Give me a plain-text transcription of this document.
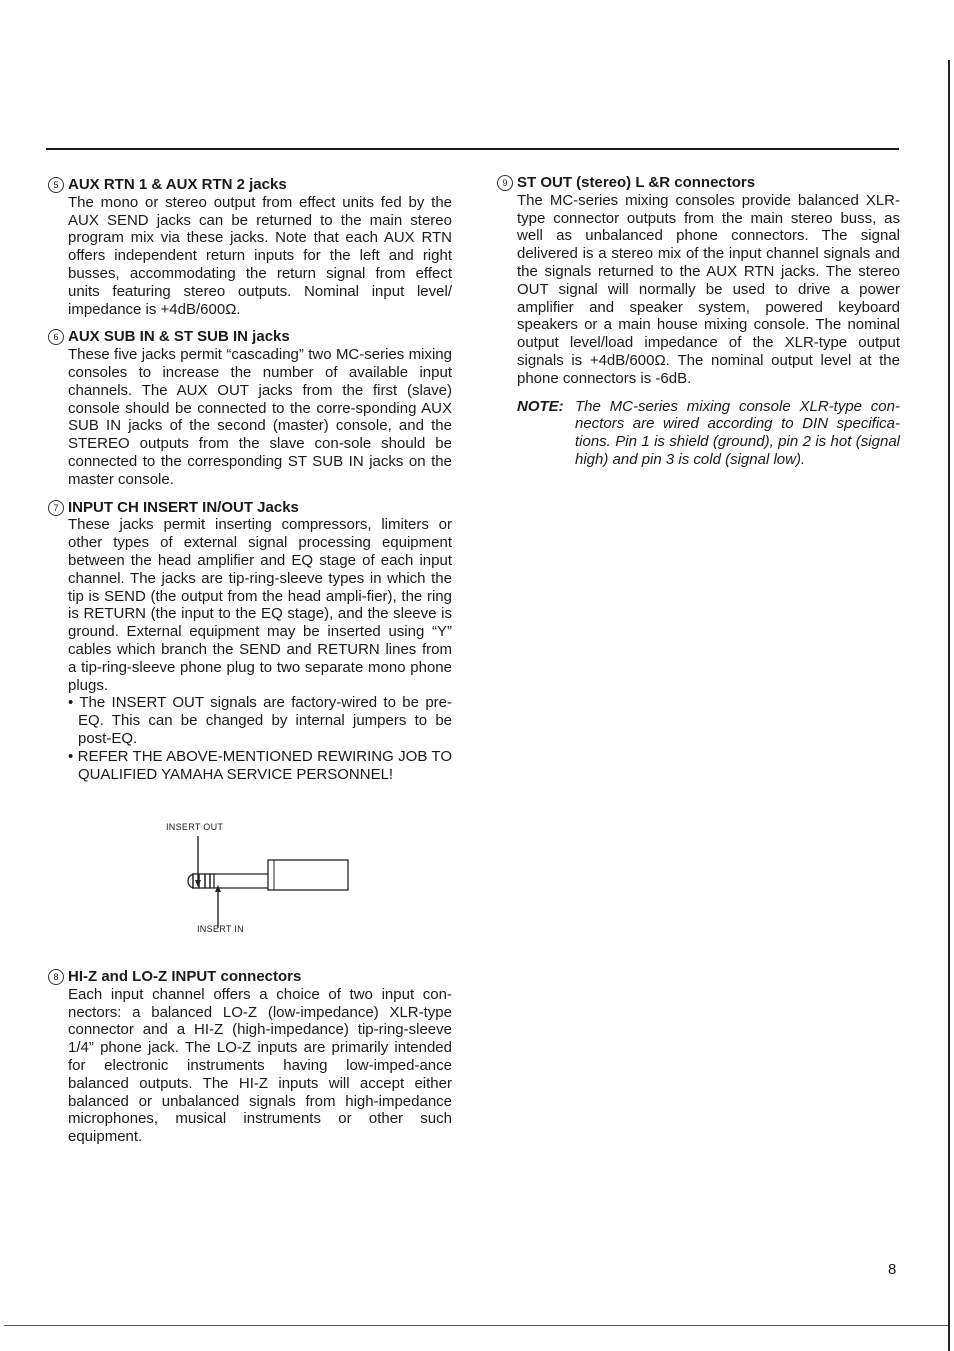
5 AUX RTN 1 & AUX RTN 2 jacks

The mono or stereo output from effect units fed by the AUX SEND jacks can be returned to the main stereo program mix via these jacks. Note that each AUX RTN offers independent return inputs for the left and right busses, accommodating the return signal from effect units featuring stereo outputs. Nominal input level/ impedance is +4dB/600Ω.

6 AUX SUB IN & ST SUB IN jacks

These five jacks permit “cascading” two MC-series mixing consoles to increase the number of available input channels. The AUX OUT jacks from the first (slave) console should be connected to the corre-sponding AUX SUB IN jacks of the second (master) console, and the STEREO outputs from the slave con-sole should be connected to the corresponding ST SUB IN jacks on the master console.

7 INPUT CH INSERT IN/OUT Jacks

These jacks permit inserting compressors, limiters or other types of external signal processing equipment between the head amplifier and EQ stage of each input channel. The jacks are tip-ring-sleeve types in which the tip is SEND (the output from the head ampli-fier), the ring is RETURN (the input to the EQ stage), and the sleeve is ground. External equipment may be inserted using “Y” cables which branch the SEND and RETURN lines from a tip-ring-sleeve phone plug to two separate mono phone plugs.

• The INSERT OUT signals are factory-wired to be pre-EQ. This can be changed by internal jumpers to be post-EQ.

• REFER THE ABOVE-MENTIONED REWIRING JOB TO QUALIFIED YAMAHA SERVICE PERSONNEL!

INSERT OUT
INSERT IN

8 HI-Z and LO-Z INPUT connectors

Each input channel offers a choice of two input con-nectors: a balanced LO-Z (low-impedance) XLR-type connector and a HI-Z (high-impedance) tip-ring-sleeve 1/4” phone jack. The LO-Z inputs are primarily intended for electronic instruments having low-imped-ance balanced outputs. The HI-Z inputs will accept either balanced or unbalanced signals from high-impedance microphones, musical instruments or other such equipment.

9 ST OUT (stereo) L &R connectors

The MC-series mixing consoles provide balanced XLR-type connector outputs from the main stereo buss, as well as unbalanced phone connectors. The signal delivered is a stereo mix of the input channel signals and the signals returned to the AUX RTN jacks. The stereo OUT signal will normally be used to drive a power amplifier and speaker system, powered keyboard speakers or a main house mixing console. The nominal output level/load impedance of the XLR-type output signals is +4dB/600Ω. The nominal output level at the phone connectors is -6dB.

NOTE: The MC-series mixing console XLR-type con-nectors are wired according to DIN specifica-tions. Pin 1 is shield (ground), pin 2 is hot (signal high) and pin 3 is cold (signal low).
8
